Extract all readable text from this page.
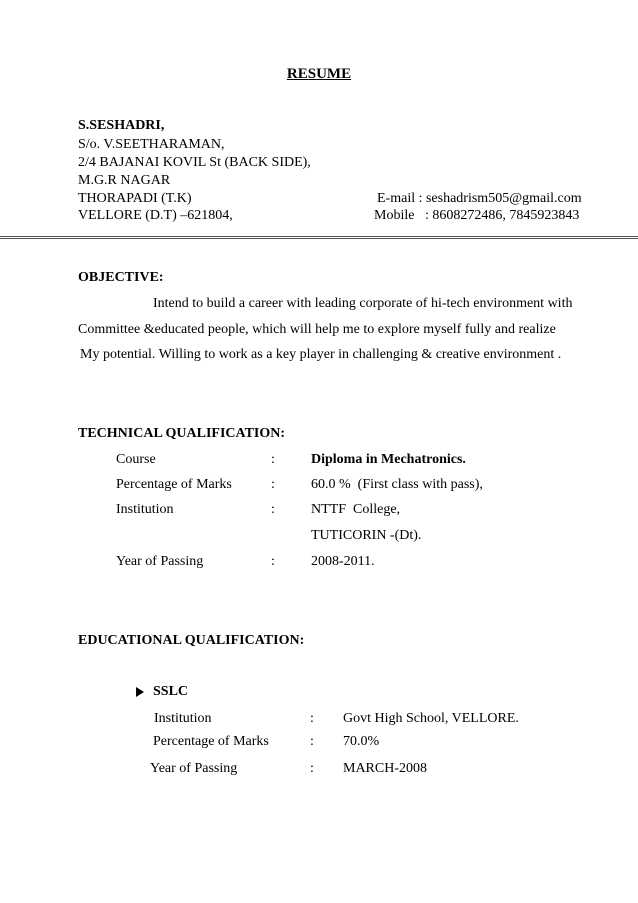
RESUME
S.SESHADRI,
S/o. V.SEETHARAMAN,
2/4 BAJANAI KOVIL St (BACK SIDE),
M.G.R NAGAR
THORAPADI (T.K)
VELLORE (D.T) –621804,
E-mail : seshadrism505@gmail.com
Mobile   : 8608272486, 7845923843
OBJECTIVE:
Intend to build a career with leading corporate of hi-tech environment with
Committee &educated people, which will help me to explore myself fully and realize
My potential. Willing to work as a key player in challenging & creative environment .
TECHNICAL QUALIFICATION:
Course	:	Diploma in Mechatronics.
Percentage of Marks	:	60.0 %  (First class with pass),
Institution	:	NTTF  College,
TUTICORIN -(Dt).
Year of Passing	:	2008-2011.
EDUCATIONAL QUALIFICATION:
SSLC
Institution	: Govt High School, VELLORE.
Percentage of Marks	: 70.0%
Year of Passing	: MARCH-2008
